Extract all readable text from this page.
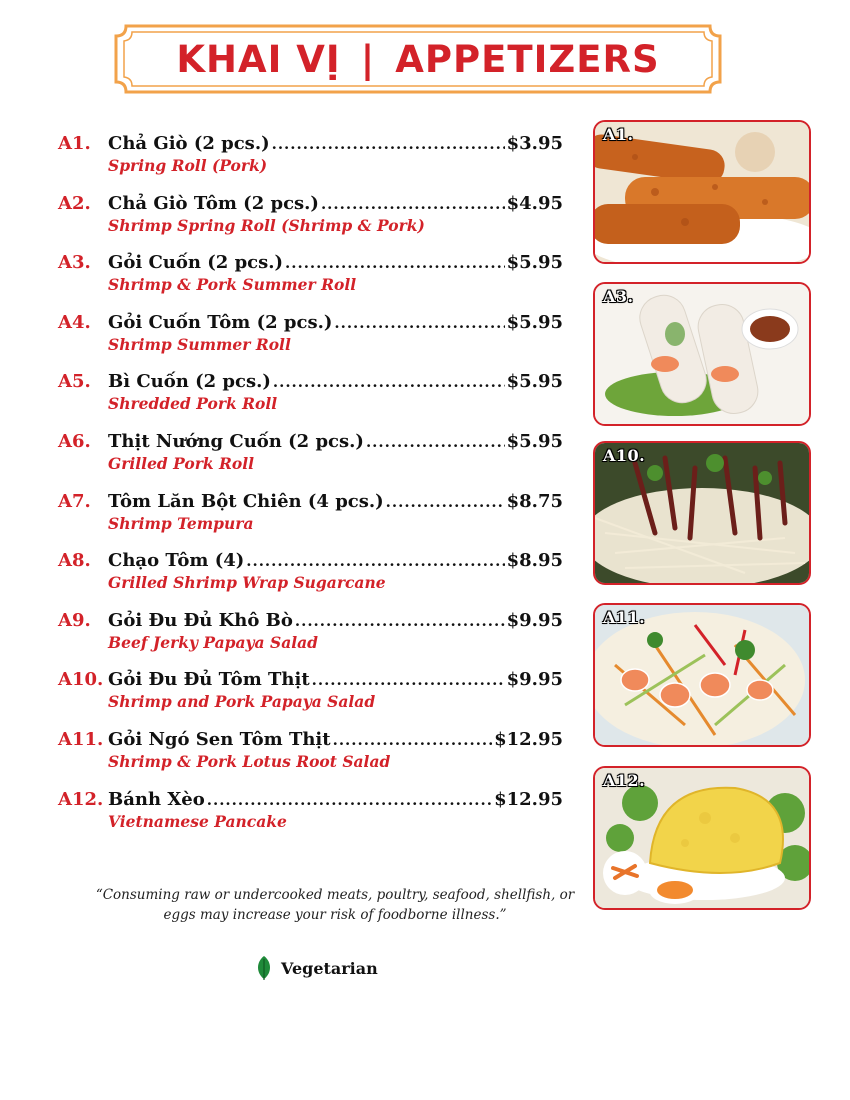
KHAI VỊ | APPETIZERS
A1. Chả Giò (2 pcs.) .....	$3.95
Spring Roll (Pork)
A2. Chả Giò Tôm (2 pcs.) .....	$4.95
Shrimp Spring Roll (Shrimp & Pork)
A3. Gỏi Cuốn (2 pcs.) .....	$5.95
Shrimp & Pork Summer Roll
A4. Gỏi Cuốn Tôm (2 pcs.) .....	$5.95
Shrimp Summer Roll
A5. Bì Cuốn (2 pcs.) .....	$5.95
Shredded Pork Roll
A6. Thịt Nướng Cuốn (2 pcs.) .....	$5.95
Grilled Pork Roll
A7. Tôm Lăn Bột Chiên (4 pcs.) .....	$8.75
Shrimp Tempura
A8. Chạo Tôm (4) .....	$8.95
Grilled Shrimp Wrap Sugarcane
A9. Gỏi Đu Đủ Khô Bò .....	$9.95
Beef Jerky Papaya Salad
A10. Gỏi Đu Đủ Tôm Thịt .....	$9.95
Shrimp and Pork Papaya Salad
A11. Gỏi Ngó Sen Tôm Thịt .....	$12.95
Shrimp & Pork Lotus Root Salad
A12. Bánh Xèo .....	$12.95
Vietnamese Pancake
A1.
A3.
A10.
A11.
A12.
“Consuming raw or undercooked meats, poultry, seafood, shellfish, or
eggs may increase your risk of foodborne illness.”
Vegetarian
